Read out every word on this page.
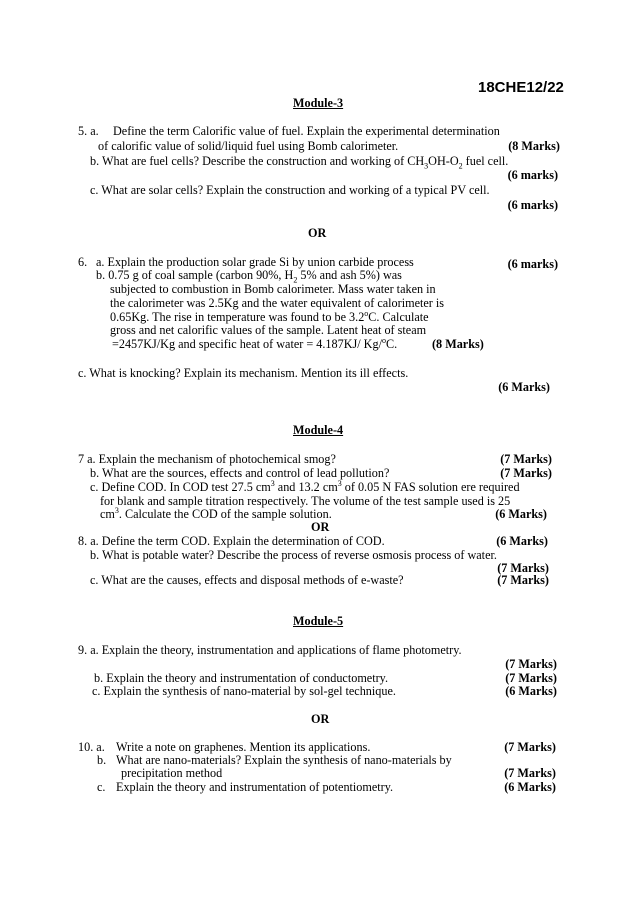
18CHE12/22
Module-3
5. a. Define the term Calorific value of fuel. Explain the experimental determination
of calorific value of solid/liquid fuel using Bomb calorimeter.	(8 Marks)
b. What are fuel cells? Describe the construction and working of $CH_3OH-O_2$ fuel cell.
(6 marks)
c. What are solar cells? Explain the construction and working of a typical PV cell.
(6 marks)
OR
6. a. Explain the production solar grade Si by union carbide process	(6 marks)
b. 0.75 g of coal sample (carbon 90%, $H_2$ 5% and ash 5%) was
subjected to combustion in Bomb calorimeter. Mass water taken in
the calorimeter was 2.5Kg and the water equivalent of calorimeter is
0.65Kg. The rise in temperature was found to be 3.2$^o$C. Calculate
gross and net calorific values of the sample. Latent heat of steam
=2457KJ/Kg and specific heat of water = 4.187KJ/ Kg/$^o$C.	(8 Marks)
c. What is knocking? Explain its mechanism. Mention its ill effects.
(6 Marks)
Module-4
7 a. Explain the mechanism of photochemical smog?	(7 Marks)
b. What are the sources, effects and control of lead pollution?	(7 Marks)
c. Define COD. In COD test 27.5 $cm^3$ and 13.2 $cm^3$ of 0.05 N FAS solution ere required
for blank and sample titration respectively. The volume of the test sample used is 25
$cm^3$. Calculate the COD of the sample solution.	(6 Marks)
OR
8. a. Define the term COD. Explain the determination of COD.	(6 Marks)
b. What is potable water? Describe the process of reverse osmosis process of water.
(7 Marks)
c. What are the causes, effects and disposal methods of e-waste?	(7 Marks)
Module-5
9. a. Explain the theory, instrumentation and applications of flame photometry.
(7 Marks)
b. Explain the theory and instrumentation of conductometry.	(7 Marks)
c. Explain the synthesis of nano-material by sol-gel technique.	(6 Marks)
OR
10. a. Write a note on graphenes. Mention its applications.	(7 Marks)
b. What are nano-materials? Explain the synthesis of nano-materials by
precipitation method	(7 Marks)
c. Explain the theory and instrumentation of potentiometry.	(6 Marks)
